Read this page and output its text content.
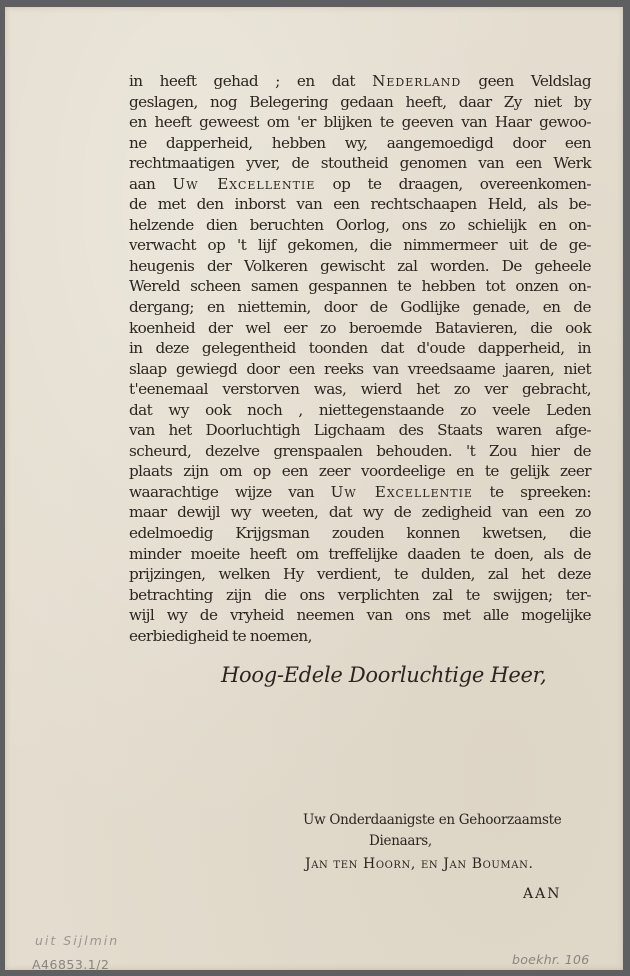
in heeft gehad ; en dat Nederland geen Veldslag
geslagen, nog Belegering gedaan heeft, daar Zy niet by
en heeft geweest om 'er blijken te geeven van Haar gewoo-
ne dapperheid, hebben wy, aangemoedigd door een
rechtmaatigen yver, de stoutheid genomen van een Werk
aan Uw Excellentie op te draagen, overeenkomen-
de met den inborst van een rechtschaapen Held, als be-
helzende dien beruchten Oorlog, ons zo schielijk en on-
verwacht op 't lijf gekomen, die nimmermeer uit de ge-
heugenis der Volkeren gewischt zal worden. De geheele
Wereld scheen samen gespannen te hebben tot onzen on-
dergang; en niettemin, door de Godlijke genade, en de
koenheid der wel eer zo beroemde Batavieren, die ook
in deze gelegentheid toonden dat d'oude dapperheid, in
slaap gewiegd door een reeks van vreedsaame jaaren, niet
t'eenemaal verstorven was, wierd het zo ver gebracht,
dat wy ook noch , niettegenstaande zo veele Leden
van het Doorluchtigh Ligchaam des Staats waren afge-
scheurd, dezelve grenspaalen behouden. 't Zou hier de
plaats zijn om op een zeer voordeelige en te gelijk zeer
waarachtige wijze van Uw Excellentie te spreeken:
maar dewijl wy weeten, dat wy de zedigheid van een zo
edelmoedig Krijgsman zouden konnen kwetsen, die
minder moeite heeft om treffelijke daaden te doen, als de
prijzingen, welken Hy verdient, te dulden, zal het deze
betrachting zijn die ons verplichten zal te swijgen; ter-
wijl wy de vryheid neemen van ons met alle mogelijke
eerbiedigheid te noemen,
Hoog-Edele Doorluchtige Heer,
Uw Onderdaanigste en Gehoorzaamste
Dienaars,
Jan ten Hoorn, en Jan Bouman.
AAN
uit Sijlmin
A46853.1/2	boekhr. 106
